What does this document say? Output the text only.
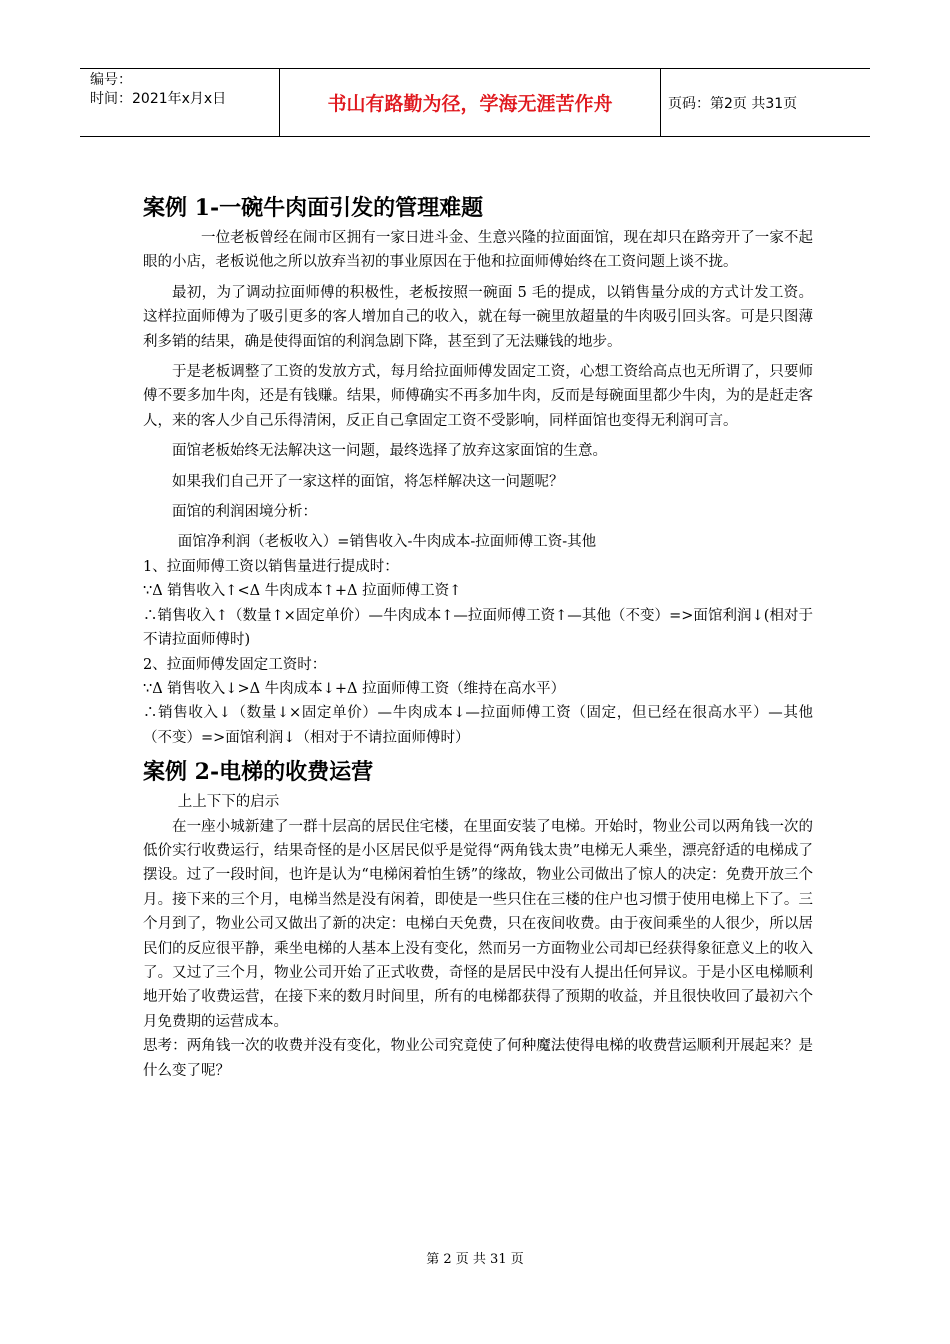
编号：
时间：2021年x月x日	书山有路勤为径，学海无涯苦作舟	页码：第2页 共31页
案例 1-一碗牛肉面引发的管理难题

一位老板曾经在闹市区拥有一家日进斗金、生意兴隆的拉面面馆，现在却只在路旁开了一家不起眼的小店，老板说他之所以放弃当初的事业原因在于他和拉面师傅始终在工资问题上谈不拢。

最初，为了调动拉面师傅的积极性，老板按照一碗面 5 毛的提成，以销售量分成的方式计发工资。这样拉面师傅为了吸引更多的客人增加自己的收入，就在每一碗里放超量的牛肉吸引回头客。可是只图薄利多销的结果，确是使得面馆的利润急剧下降，甚至到了无法赚钱的地步。

于是老板调整了工资的发放方式，每月给拉面师傅发固定工资，心想工资给高点也无所谓了，只要师傅不要多加牛肉，还是有钱赚。结果，师傅确实不再多加牛肉，反而是每碗面里都少牛肉，为的是赶走客人，来的客人少自己乐得清闲，反正自己拿固定工资不受影响，同样面馆也变得无利润可言。

面馆老板始终无法解决这一问题，最终选择了放弃这家面馆的生意。

如果我们自己开了一家这样的面馆，将怎样解决这一问题呢？

面馆的利润困境分析：

面馆净利润（老板收入）=销售收入-牛肉成本-拉面师傅工资-其他

1、拉面师傅工资以销售量进行提成时：

∵Δ 销售收入↑<Δ 牛肉成本↑+Δ 拉面师傅工资↑

∴销售收入↑（数量↑×固定单价）—牛肉成本↑—拉面师傅工资↑—其他（不变）=>面馆利润↓(相对于不请拉面师傅时)

2、拉面师傅发固定工资时：

∵Δ 销售收入↓>Δ 牛肉成本↓+Δ 拉面师傅工资（维持在高水平）

∴销售收入↓（数量↓×固定单价）—牛肉成本↓—拉面师傅工资（固定，但已经在很高水平）—其他（不变）=>面馆利润↓（相对于不请拉面师傅时）

案例 2-电梯的收费运营

上上下下的启示

在一座小城新建了一群十层高的居民住宅楼，在里面安装了电梯。开始时，物业公司以两角钱一次的低价实行收费运行，结果奇怪的是小区居民似乎是觉得“两角钱太贵”电梯无人乘坐，漂亮舒适的电梯成了摆设。过了一段时间，也许是认为“电梯闲着怕生锈”的缘故，物业公司做出了惊人的决定：免费开放三个月。接下来的三个月，电梯当然是没有闲着，即使是一些只住在三楼的住户也习惯于使用电梯上下了。三个月到了，物业公司又做出了新的决定：电梯白天免费，只在夜间收费。由于夜间乘坐的人很少，所以居民们的反应很平静，乘坐电梯的人基本上没有变化，然而另一方面物业公司却已经获得象征意义上的收入了。又过了三个月，物业公司开始了正式收费，奇怪的是居民中没有人提出任何异议。于是小区电梯顺利地开始了收费运营，在接下来的数月时间里，所有的电梯都获得了预期的收益，并且很快收回了最初六个月免费期的运营成本。

思考：两角钱一次的收费并没有变化，物业公司究竟使了何种魔法使得电梯的收费营运顺利开展起来？是什么变了呢？

第 2 页 共 31 页
